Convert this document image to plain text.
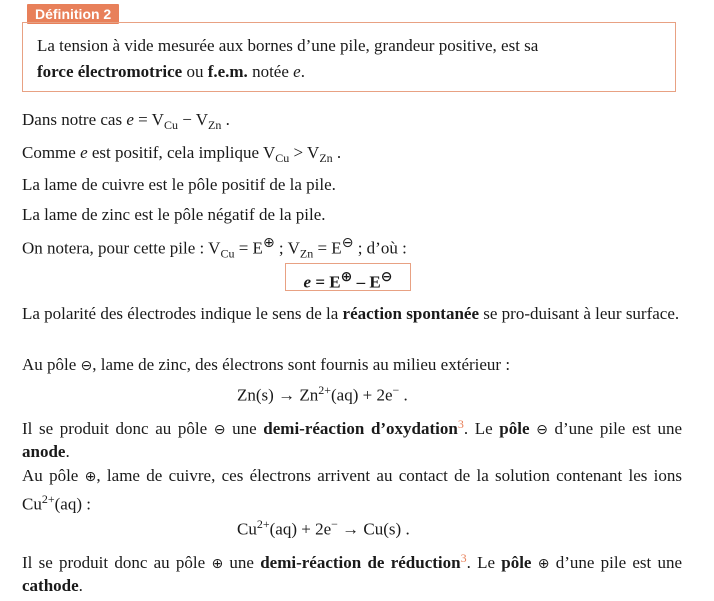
Définition 2
La tension à vide mesurée aux bornes d’une pile, grandeur positive, est sa
force électromotrice ou f.e.m. notée e.
Dans notre cas $e = V_{Cu} - V_{Zn}$ .
Comme e est positif, cela implique $V_{Cu} > V_{Zn}$ .
La lame de cuivre est le pôle positif de la pile.
La lame de zinc est le pôle négatif de la pile.
On notera, pour cette pile : $V_{Cu} = E^\oplus$ ; $V_{Zn} = E^⊖$ ; d’où :
e = E⊕ – E⊖
La polarité des électrodes indique le sens de la réaction spontanée se pro-duisant à leur surface.
Au pôle ⊖, lame de zinc, des électrons sont fournis au milieu extérieur :
$Zn(s) \to Zn^{2+}(aq) + 2e^-$ .
Il se produit donc au pôle ⊖ une demi-réaction d’oxydation$^3$. Le pôle ⊖ d’une pile est une anode.
Au pôle ⊕, lame de cuivre, ces électrons arrivent au contact de la solution contenant les ions $Cu^{2+}(aq)$ :
$Cu^{2+}(aq) + 2e^- \to Cu(s)$ .
Il se produit donc au pôle ⊕ une demi-réaction de réduction$^3$. Le pôle ⊕ d’une pile est une cathode.
